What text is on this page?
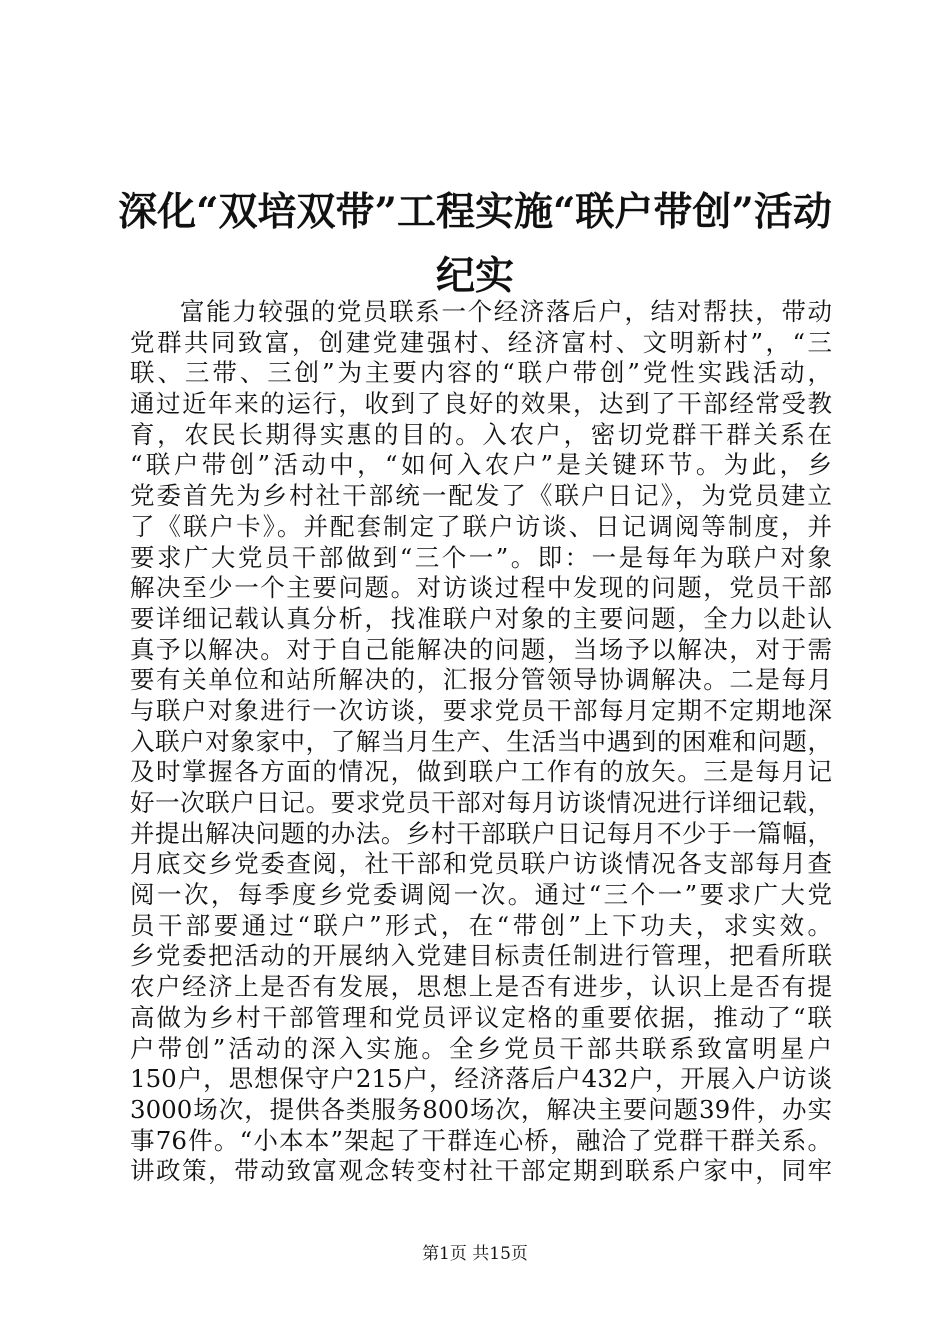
深化“双培双带”工程实施“联户带创”活动
纪实
富能力较强的党员联系一个经济落后户，结对帮扶，带动
党群共同致富，创建党建强村、经济富村、文明新村”，“三
联、三带、三创”为主要内容的“联户带创”党性实践活动，
通过近年来的运行，收到了良好的效果，达到了干部经常受教
育，农民长期得实惠的目的。入农户，密切党群干群关系在
“联户带创”活动中，“如何入农户”是关键环节。为此，乡
党委首先为乡村社干部统一配发了《联户日记》，为党员建立
了《联户卡》。并配套制定了联户访谈、日记调阅等制度，并
要求广大党员干部做到“三个一”。即：一是每年为联户对象
解决至少一个主要问题。对访谈过程中发现的问题，党员干部
要详细记载认真分析，找准联户对象的主要问题，全力以赴认
真予以解决。对于自己能解决的问题，当场予以解决，对于需
要有关单位和站所解决的，汇报分管领导协调解决。二是每月
与联户对象进行一次访谈，要求党员干部每月定期不定期地深
入联户对象家中，了解当月生产、生活当中遇到的困难和问题，
及时掌握各方面的情况，做到联户工作有的放矢。三是每月记
好一次联户日记。要求党员干部对每月访谈情况进行详细记载，
并提出解决问题的办法。乡村干部联户日记每月不少于一篇幅，
月底交乡党委查阅，社干部和党员联户访谈情况各支部每月查
阅一次，每季度乡党委调阅一次。通过“三个一”要求广大党
员干部要通过“联户”形式，在“带创”上下功夫，求实效。
乡党委把活动的开展纳入党建目标责任制进行管理，把看所联
农户经济上是否有发展，思想上是否有进步，认识上是否有提
高做为乡村干部管理和党员评议定格的重要依据，推动了“联
户带创”活动的深入实施。全乡党员干部共联系致富明星户
150户，思想保守户215户，经济落后户432户，开展入户访谈
3000场次，提供各类服务800场次，解决主要问题39件，办实
事76件。“小本本”架起了干群连心桥，融洽了党群干群关系。
讲政策，带动致富观念转变村社干部定期到联系户家中，同牢
第1页 共15页
